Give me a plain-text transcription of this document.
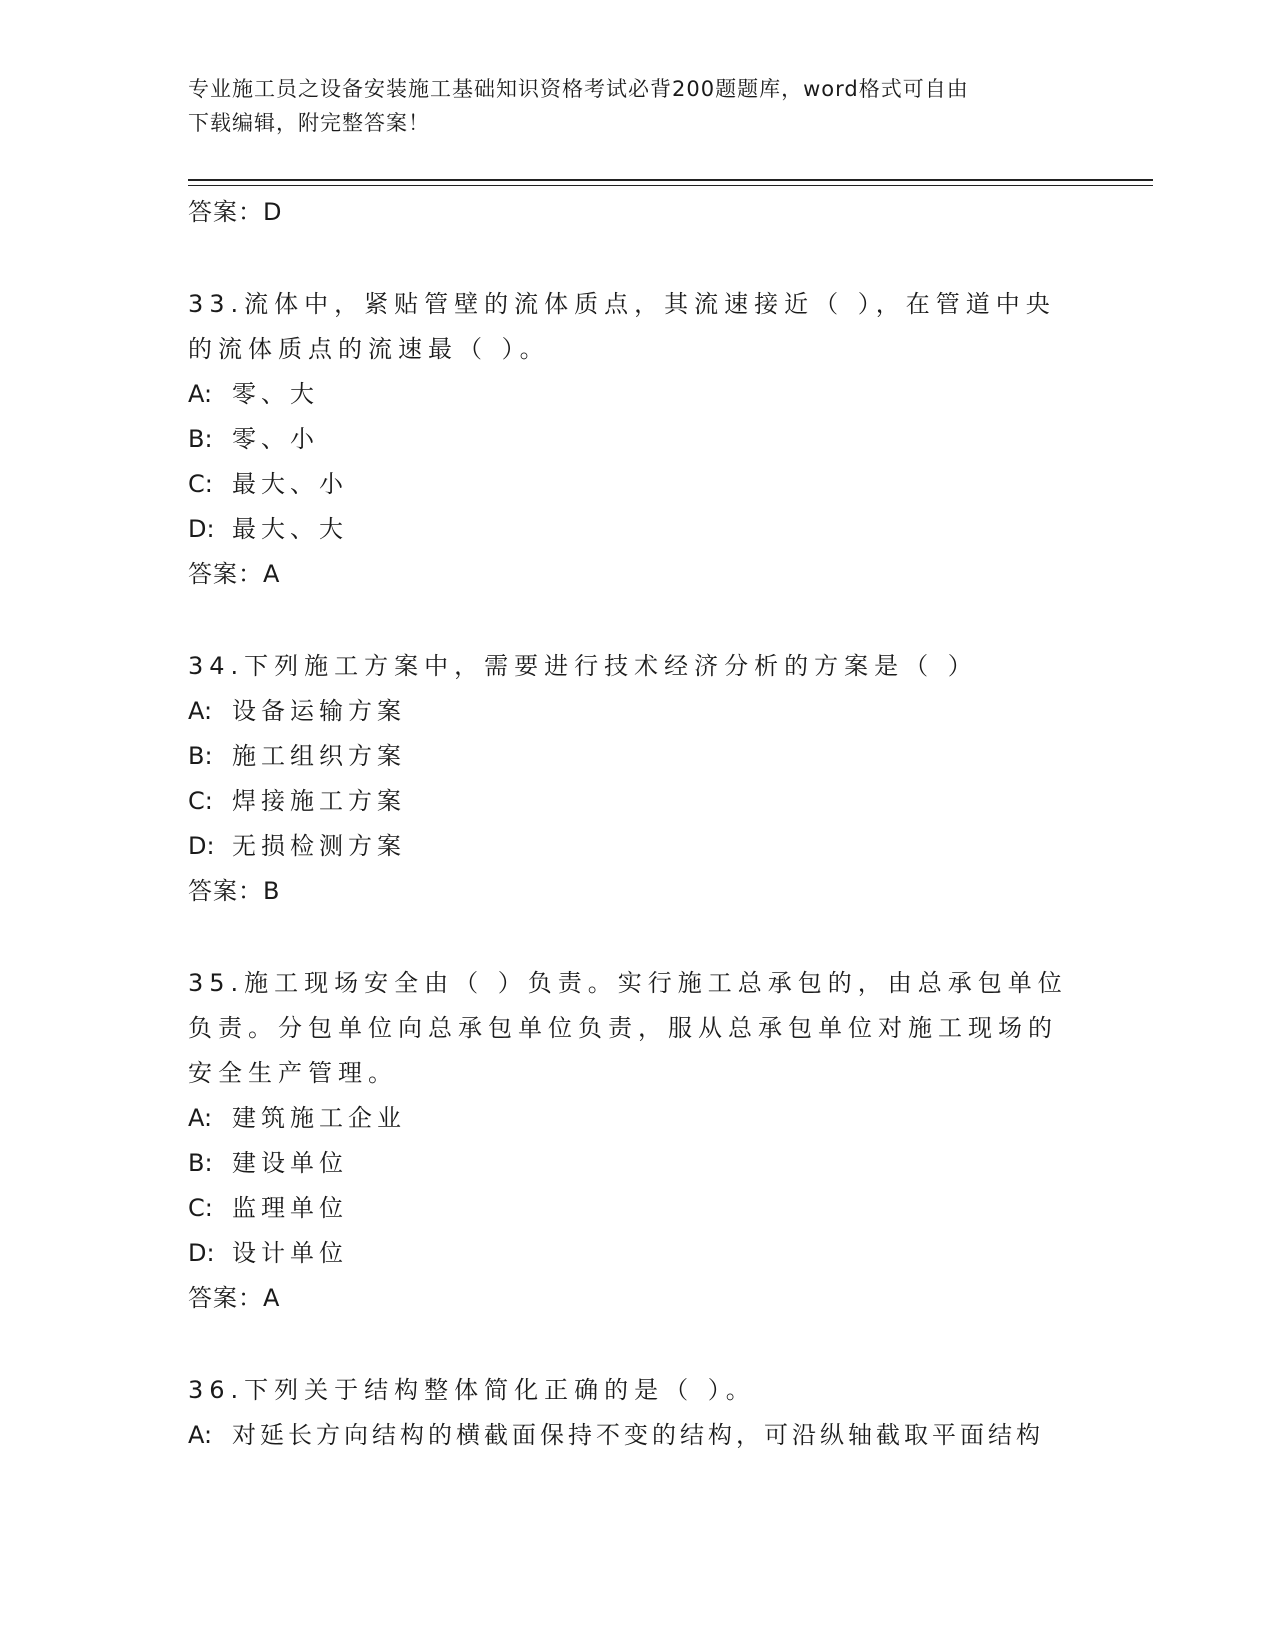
专业施工员之设备安装施工基础知识资格考试必背200题题库，word格式可自由
下载编辑，附完整答案！
答案：D
33.流体中，紧贴管壁的流体质点，其流速接近（ ），在管道中央的流体质点的流速最（ ）。
A: 零、大
B: 零、小
C: 最大、小
D: 最大、大
答案：A
34.下列施工方案中，需要进行技术经济分析的方案是（ ）
A: 设备运输方案
B: 施工组织方案
C: 焊接施工方案
D: 无损检测方案
答案：B
35.施工现场安全由（ ）负责。实行施工总承包的，由总承包单位负责。分包单位向总承包单位负责，服从总承包单位对施工现场的安全生产管理。
A: 建筑施工企业
B: 建设单位
C: 监理单位
D: 设计单位
答案：A
36.下列关于结构整体简化正确的是（ ）。
A: 对延长方向结构的横截面保持不变的结构，可沿纵轴截取平面结构
